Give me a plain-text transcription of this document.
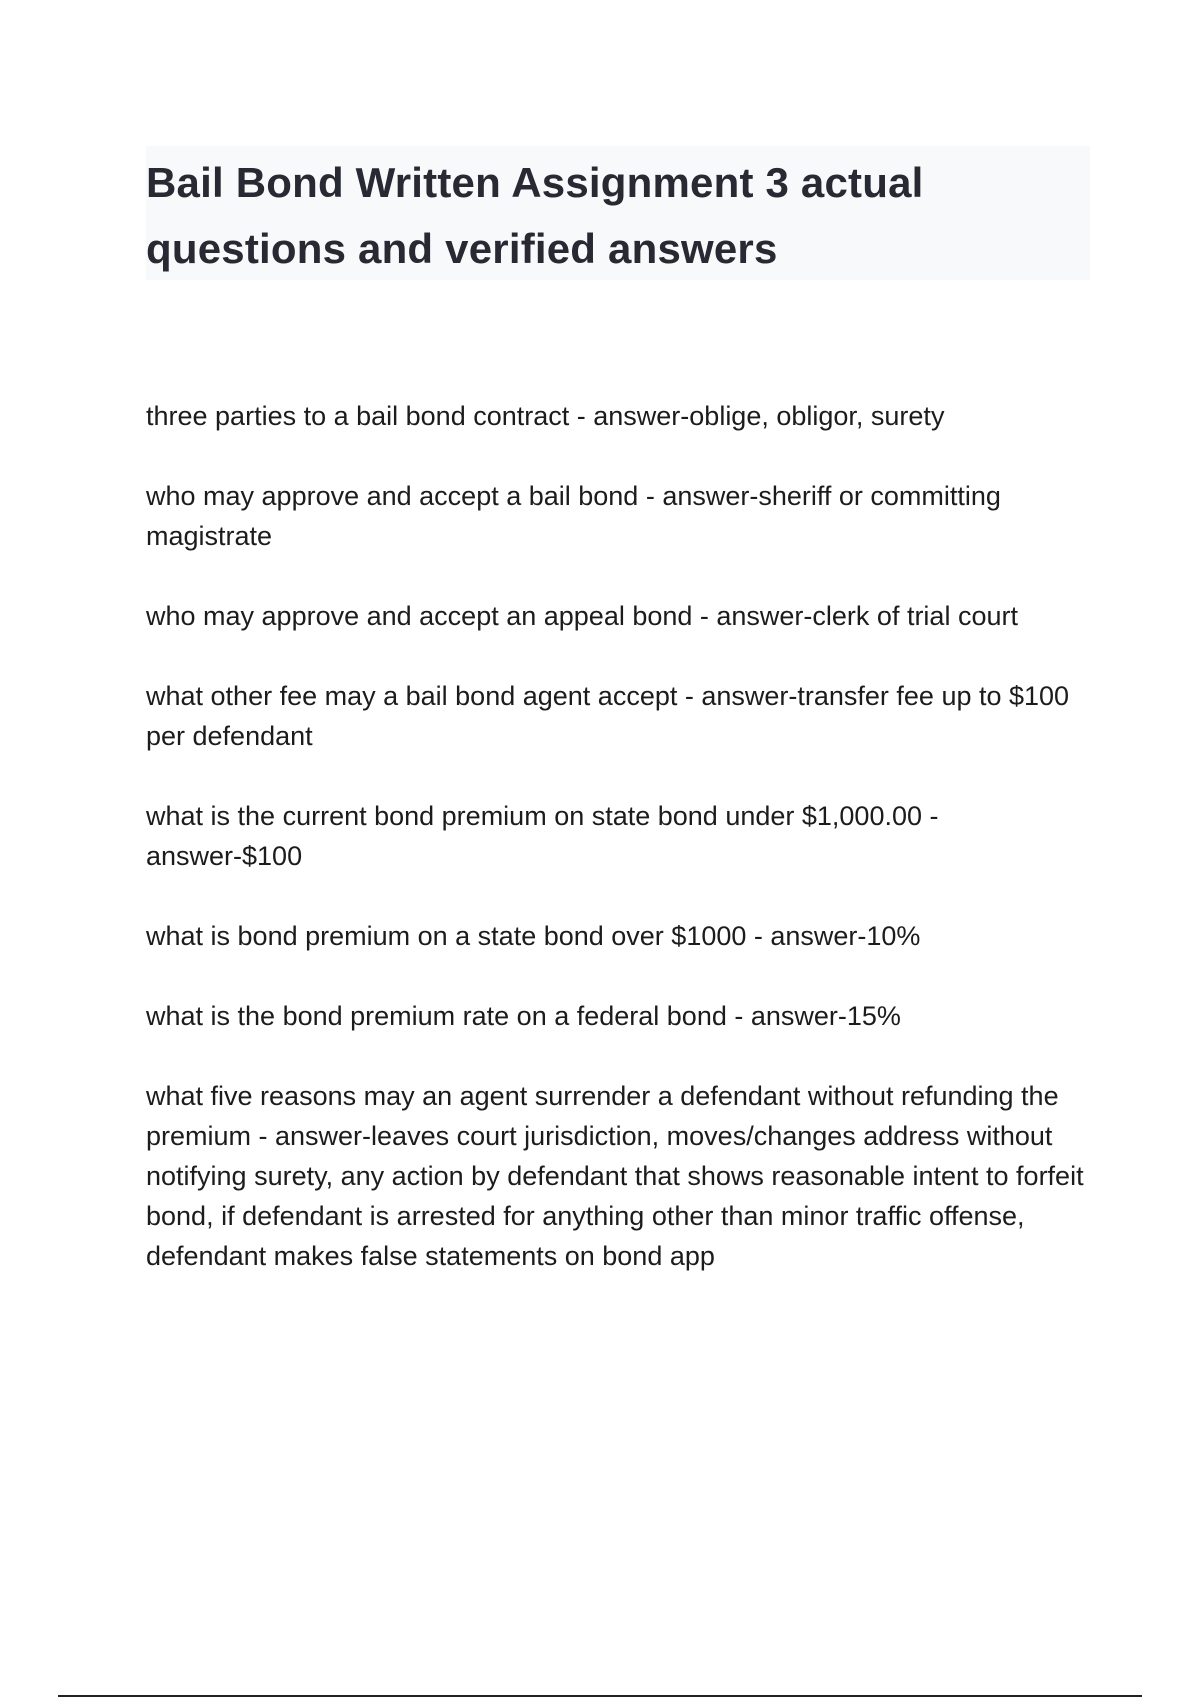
Bail Bond Written Assignment 3 actual questions and verified answers
three parties to a bail bond contract - answer-oblige, obligor, surety
who may approve and accept a bail bond - answer-sheriff or committing magistrate
who may approve and accept an appeal bond - answer-clerk of trial court
what other fee may a bail bond agent accept - answer-transfer fee up to $100 per defendant
what is the current bond premium on state bond under $1,000.00 - answer-$100
what is bond premium on a state bond over $1000 - answer-10%
what is the bond premium rate on a federal bond - answer-15%
what five reasons may an agent surrender a defendant without refunding the premium - answer-leaves court jurisdiction, moves/changes address without notifying surety, any action by defendant that shows reasonable intent to forfeit bond, if defendant is arrested for anything other than minor traffic offense, defendant makes false statements on bond app
